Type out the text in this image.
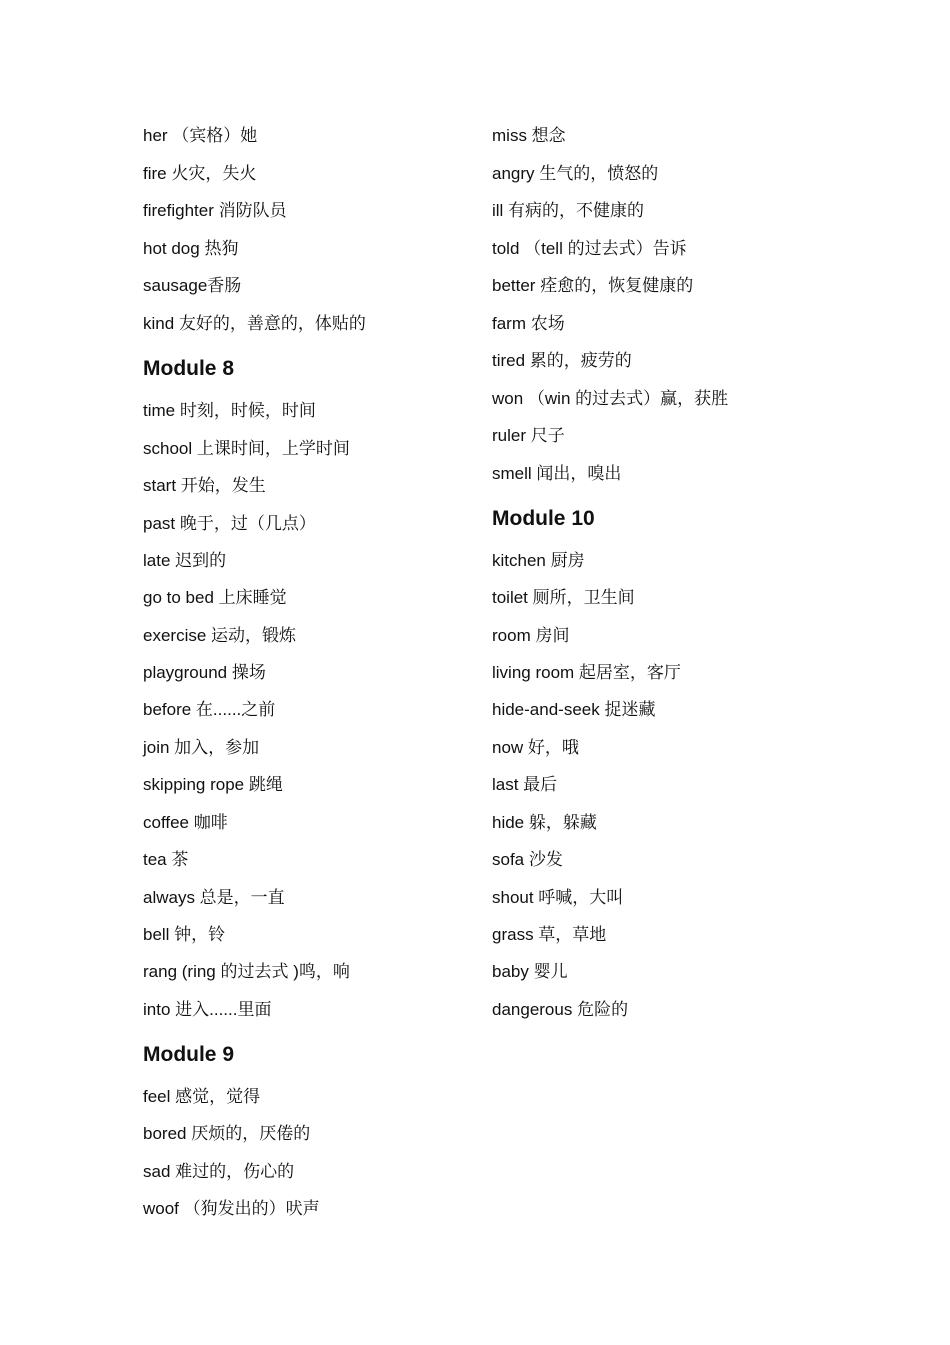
her （宾格）她
fire 火灾，失火
firefighter 消防队员
hot dog 热狗
sausage香肠
kind 友好的，善意的，体贴的
Module 8
time 时刻，时候，时间
school 上课时间，上学时间
start 开始，发生
past 晚于，过（几点）
late 迟到的
go to bed 上床睡觉
exercise 运动，锻炼
playground 操场
before 在......之前
join 加入，参加
skipping rope 跳绳
coffee 咖啡
tea 茶
always 总是，一直
bell 钟，铃
rang (ring 的过去式 )鸣，响
into 进入......里面
Module 9
feel 感觉，觉得
bored 厌烦的，厌倦的
sad 难过的，伤心的
woof （狗发出的）吠声
miss 想念
angry 生气的，愤怒的
ill 有病的，不健康的
told （tell 的过去式）告诉
better 痊愈的，恢复健康的
farm 农场
tired 累的，疲劳的
won （win 的过去式）赢，获胜
ruler 尺子
smell 闻出，嗅出
Module 10
kitchen 厨房
toilet 厕所，卫生间
room 房间
living room 起居室，客厅
hide-and-seek 捉迷藏
now 好，哦
last 最后
hide 躲，躲藏
sofa 沙发
shout 呼喊，大叫
grass 草，草地
baby 婴儿
dangerous 危险的
